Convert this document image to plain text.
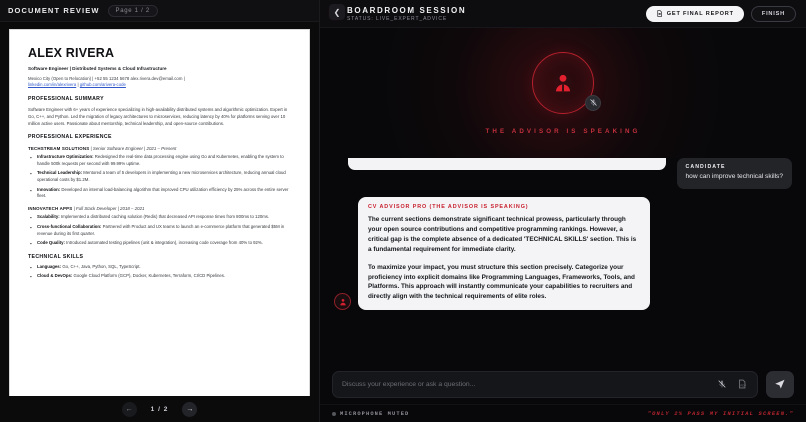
DOCUMENT REVIEW	Page 1 / 2	❮
ALEX RIVERA
Software Engineer | Distributed Systems & Cloud Infrastructure
Mexico City (Open to Relocation) | +52 55 1234 5678 alex.rivera.dev@email.com |
linkedin.com/in/alexrivera | github.com/arivera-code
PROFESSIONAL SUMMARY
Software Engineer with 6+ years of experience specializing in high-availability distributed systems and algorithmic optimization. Expert in Go, C++, and Python. Led the migration of legacy architectures to microservices, reducing latency by 40% for platforms serving over 10 million active users. Passionate about mentorship, technical leadership, and open-source contributions.
PROFESSIONAL EXPERIENCE
TECHSTREAM SOLUTIONS | Senior Software Engineer | 2021 – Present
▪ Infrastructure Optimization: Redesigned the real-time data processing engine using Go and Kubernetes, enabling the system to handle 500k requests per second with 99.99% uptime.
▪ Technical Leadership: Mentored a team of 5 developers in implementing a new microservices architecture, reducing annual cloud operational costs by $1.2M.
▪ Innovation: Developed an internal load-balancing algorithm that improved CPU utilization efficiency by 25% across the entire server fleet.
INNOVATECH APPS | Full Stack Developer | 2018 – 2021
▪ Scalability: Implemented a distributed caching solution (Redis) that decreased API response times from 800ms to 120ms.
▪ Cross-functional Collaboration: Partnered with Product and UX teams to launch an e-commerce platform that generated $5M in revenue during its first quarter.
▪ Code Quality: Introduced automated testing pipelines (unit & integration), increasing code coverage from 40% to 92%.
TECHNICAL SKILLS
▪ Languages: Go, C++, Java, Python, SQL, TypeScript.
▪ Cloud & DevOps: Google Cloud Platform (GCP), Docker, Kubernetes, Terraform, CI/CD Pipelines.
←	1 / 2	→
BOARDROOM SESSION
STATUS: LIVE_EXPERT_ADVICE
GET FINAL REPORT	FINISH
THE ADVISOR IS SPEAKING
CANDIDATE
how can improve technical skills?
CV ADVISOR PRO (THE ADVISOR IS SPEAKING)
The current sections demonstrate significant technical prowess, particularly through your open source contributions and competitive programming rankings. However, a critical gap is the complete absence of a dedicated 'TECHNICAL SKILLS' section. This is a fundamental requirement for immediate clarity.
To maximize your impact, you must structure this section precisely. Categorize your proficiency into explicit domains like Programming Languages, Frameworks, Tools, and Platforms. This approach will instantly communicate your capabilities to recruiters and directly align with the technical requirements of elite roles.
Discuss your experience or ask a question...
PDF
MICROPHONE MUTED	"ONLY 2% PASS MY INITIAL SCREEN."
